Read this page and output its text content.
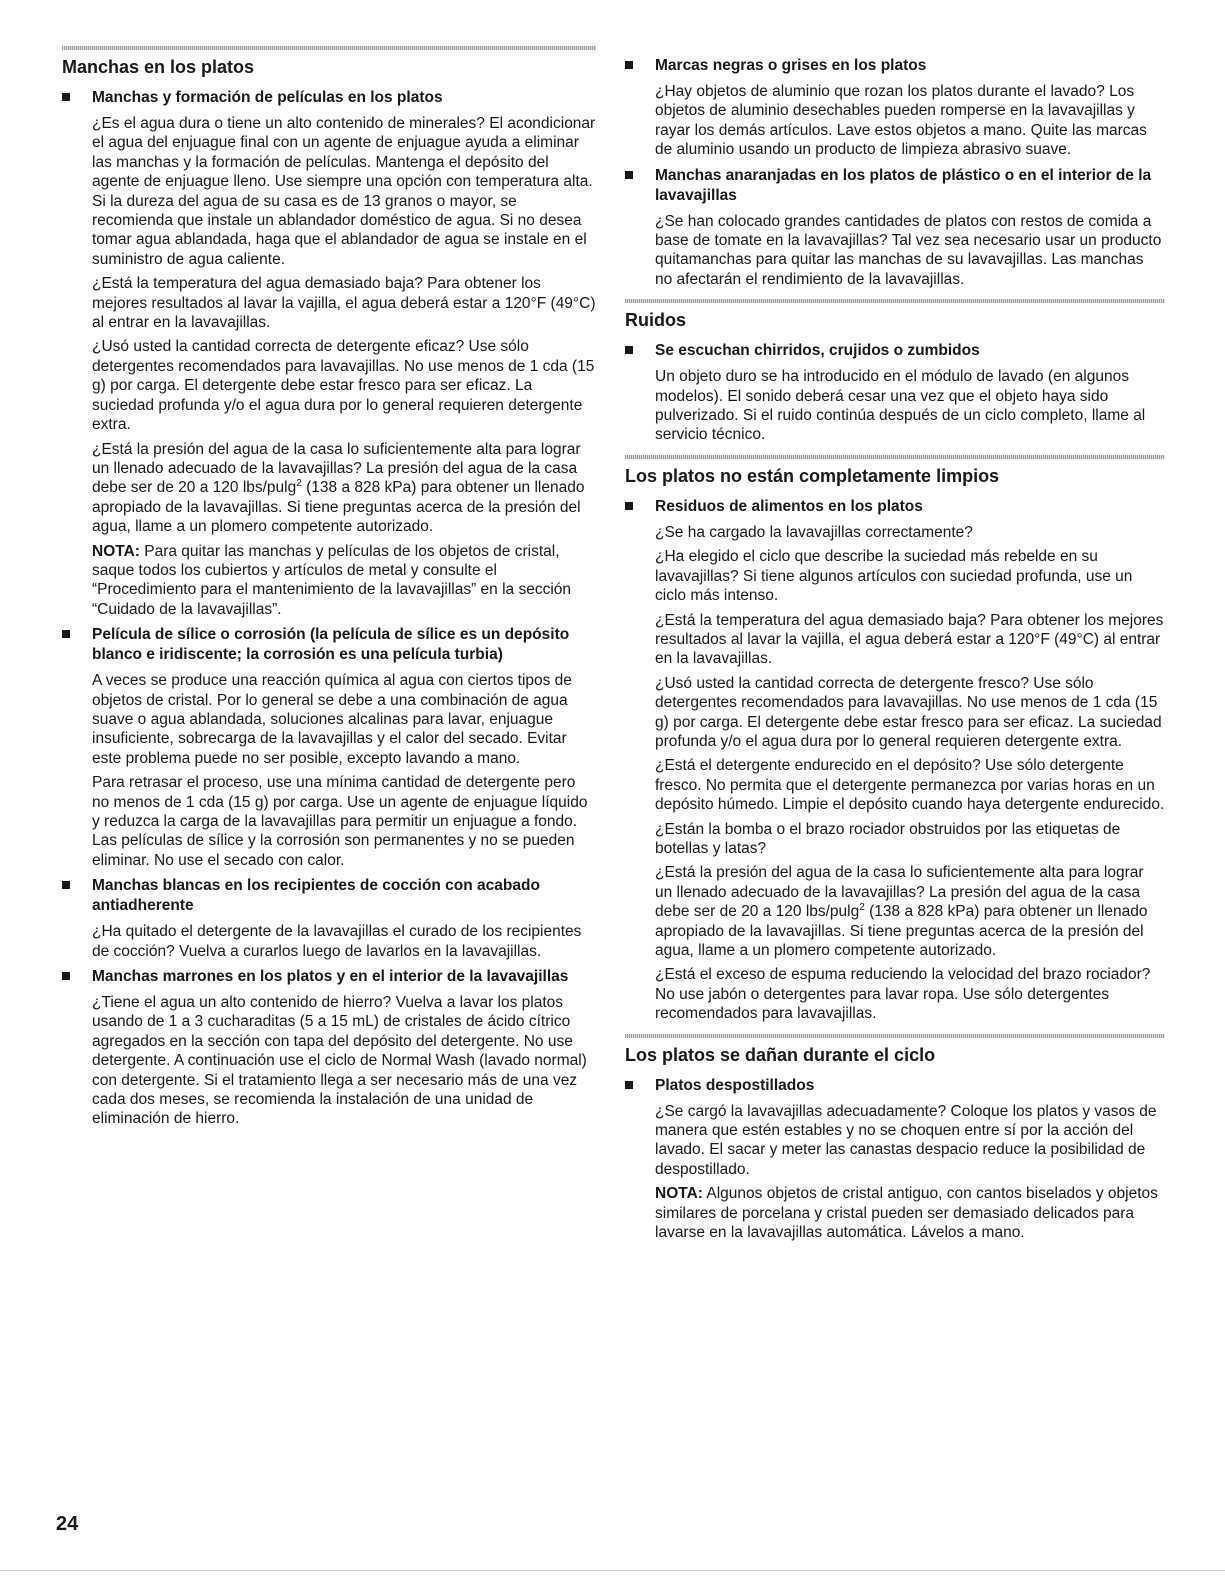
Manchas en los platos
Manchas y formación de películas en los platos

¿Es el agua dura o tiene un alto contenido de minerales? El acondicionar el agua del enjuague final con un agente de enjuague ayuda a eliminar las manchas y la formación de películas. Mantenga el depósito del agente de enjuague lleno. Use siempre una opción con temperatura alta. Si la dureza del agua de su casa es de 13 granos o mayor, se recomienda que instale un ablandador doméstico de agua. Si no desea tomar agua ablandada, haga que el ablandador de agua se instale en el suministro de agua caliente.

¿Está la temperatura del agua demasiado baja? Para obtener los mejores resultados al lavar la vajilla, el agua deberá estar a 120°F (49°C) al entrar en la lavavajillas.

¿Usó usted la cantidad correcta de detergente eficaz? Use sólo detergentes recomendados para lavavajillas. No use menos de 1 cda (15 g) por carga. El detergente debe estar fresco para ser eficaz. La suciedad profunda y/o el agua dura por lo general requieren detergente extra.

¿Está la presión del agua de la casa lo suficientemente alta para lograr un llenado adecuado de la lavavajillas? La presión del agua de la casa debe ser de 20 a 120 lbs/pulg$^2$ (138 a 828 kPa) para obtener un llenado apropiado de la lavavajillas. Si tiene preguntas acerca de la presión del agua, llame a un plomero competente autorizado.

NOTA: Para quitar las manchas y películas de los objetos de cristal, saque todos los cubiertos y artículos de metal y consulte el “Procedimiento para el mantenimiento de la lavavajillas” en la sección “Cuidado de la lavavajillas”.

Película de sílice o corrosión (la película de sílice es un depósito blanco e iridiscente; la corrosión es una película turbia)

A veces se produce una reacción química al agua con ciertos tipos de objetos de cristal. Por lo general se debe a una combinación de agua suave o agua ablandada, soluciones alcalinas para lavar, enjuague insuficiente, sobrecarga de la lavavajillas y el calor del secado. Evitar este problema puede no ser posible, excepto lavando a mano.

Para retrasar el proceso, use una mínima cantidad de detergente pero no menos de 1 cda (15 g) por carga. Use un agente de enjuague líquido y reduzca la carga de la lavavajillas para permitir un enjuague a fondo. Las películas de sílice y la corrosión son permanentes y no se pueden eliminar. No use el secado con calor.

Manchas blancas en los recipientes de cocción con acabado antiadherente

¿Ha quitado el detergente de la lavavajillas el curado de los recipientes de cocción? Vuelva a curarlos luego de lavarlos en la lavavajillas.

Manchas marrones en los platos y en el interior de la lavavajillas

¿Tiene el agua un alto contenido de hierro? Vuelva a lavar los platos usando de 1 a 3 cucharaditas (5 a 15 mL) de cristales de ácido cítrico agregados en la sección con tapa del depósito del detergente. No use detergente. A continuación use el ciclo de Normal Wash (lavado normal) con detergente. Si el tratamiento llega a ser necesario más de una vez cada dos meses, se recomienda la instalación de una unidad de eliminación de hierro.

Marcas negras o grises en los platos

¿Hay objetos de aluminio que rozan los platos durante el lavado? Los objetos de aluminio desechables pueden romperse en la lavavajillas y rayar los demás artículos. Lave estos objetos a mano. Quite las marcas de aluminio usando un producto de limpieza abrasivo suave.

Manchas anaranjadas en los platos de plástico o en el interior de la lavavajillas

¿Se han colocado grandes cantidades de platos con restos de comida a base de tomate en la lavavajillas? Tal vez sea necesario usar un producto quitamanchas para quitar las manchas de su lavavajillas. Las manchas no afectarán el rendimiento de la lavavajillas.

Ruidos
Se escuchan chirridos, crujidos o zumbidos

Un objeto duro se ha introducido en el módulo de lavado (en algunos modelos). El sonido deberá cesar una vez que el objeto haya sido pulverizado. Si el ruido continúa después de un ciclo completo, llame al servicio técnico.

Los platos no están completamente limpios
Residuos de alimentos en los platos

¿Se ha cargado la lavavajillas correctamente?

¿Ha elegido el ciclo que describe la suciedad más rebelde en su lavavajillas? Si tiene algunos artículos con suciedad profunda, use un ciclo más intenso.

¿Está la temperatura del agua demasiado baja? Para obtener los mejores resultados al lavar la vajilla, el agua deberá estar a 120°F (49°C) al entrar en la lavavajillas.

¿Usó usted la cantidad correcta de detergente fresco? Use sólo detergentes recomendados para lavavajillas. No use menos de 1 cda (15 g) por carga. El detergente debe estar fresco para ser eficaz. La suciedad profunda y/o el agua dura por lo general requieren detergente extra.

¿Está el detergente endurecido en el depósito? Use sólo detergente fresco. No permita que el detergente permanezca por varias horas en un depósito húmedo. Limpie el depósito cuando haya detergente endurecido.

¿Están la bomba o el brazo rociador obstruidos por las etiquetas de botellas y latas?

¿Está la presión del agua de la casa lo suficientemente alta para lograr un llenado adecuado de la lavavajillas? La presión del agua de la casa debe ser de 20 a 120 lbs/pulg$^2$ (138 a 828 kPa) para obtener un llenado apropiado de la lavavajillas. Si tiene preguntas acerca de la presión del agua, llame a un plomero competente autorizado.

¿Está el exceso de espuma reduciendo la velocidad del brazo rociador? No use jabón o detergentes para lavar ropa. Use sólo detergentes recomendados para lavavajillas.

Los platos se dañan durante el ciclo
Platos despostillados

¿Se cargó la lavavajillas adecuadamente? Coloque los platos y vasos de manera que estén estables y no se choquen entre sí por la acción del lavado. El sacar y meter las canastas despacio reduce la posibilidad de despostillado.

NOTA: Algunos objetos de cristal antiguo, con cantos biselados y objetos similares de porcelana y cristal pueden ser demasiado delicados para lavarse en la lavavajillas automática. Lávelos a mano.

24
